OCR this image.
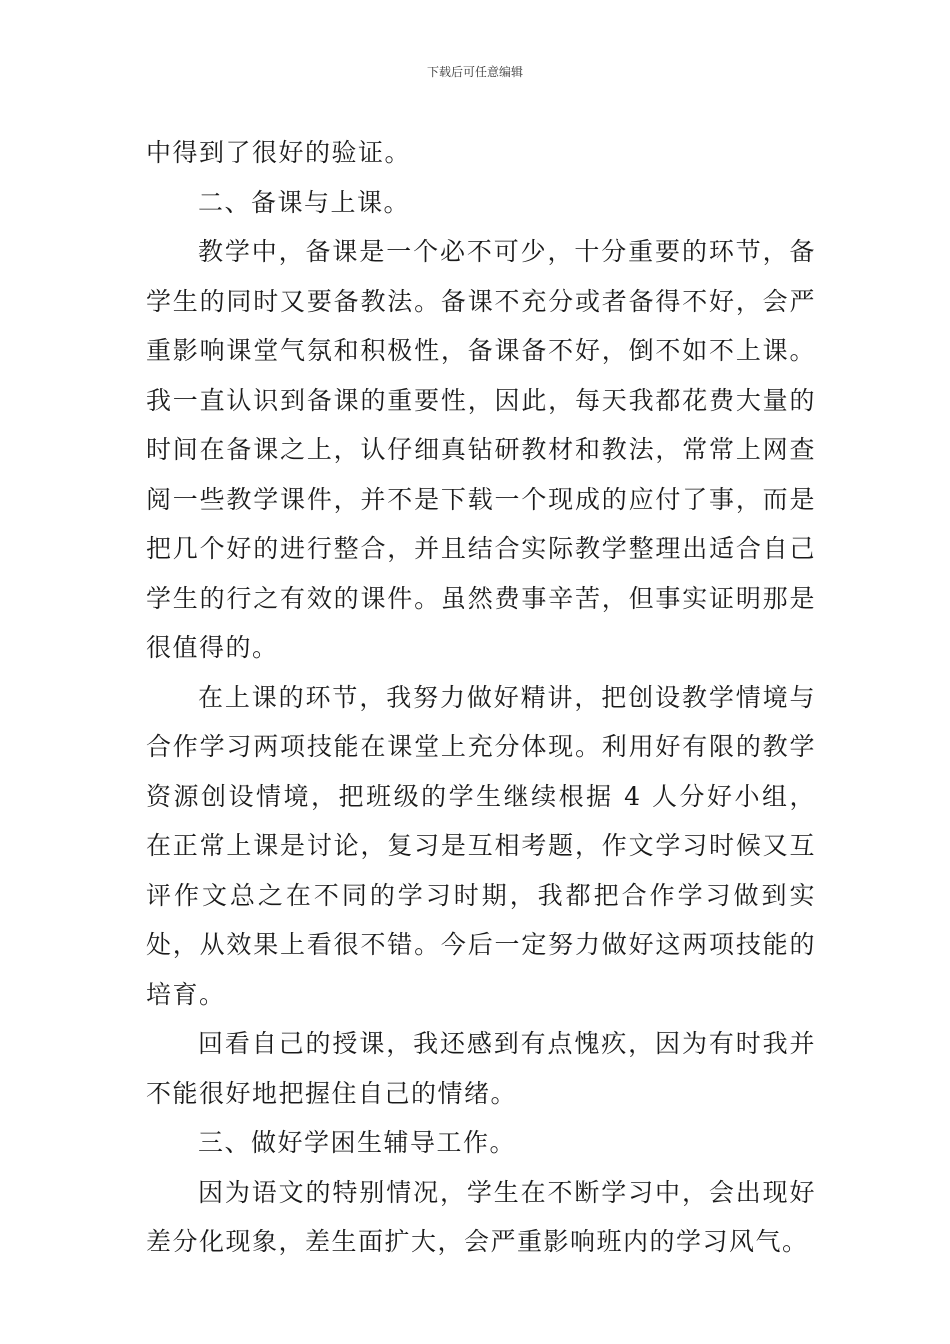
下载后可任意编辑

中得到了很好的验证。

二、备课与上课。

教学中，备课是一个必不可少，十分重要的环节，备学生的同时又要备教法。备课不充分或者备得不好，会严重影响课堂气氛和积极性，备课备不好，倒不如不上课。我一直认识到备课的重要性，因此，每天我都花费大量的时间在备课之上，认仔细真钻研教材和教法，常常上网查阅一些教学课件，并不是下载一个现成的应付了事，而是把几个好的进行整合，并且结合实际教学整理出适合自己学生的行之有效的课件。虽然费事辛苦，但事实证明那是很值得的。

在上课的环节，我努力做好精讲，把创设教学情境与合作学习两项技能在课堂上充分体现。利用好有限的教学资源创设情境，把班级的学生继续根据 4 人分好小组，在正常上课是讨论，复习是互相考题，作文学习时候又互评作文总之在不同的学习时期，我都把合作学习做到实处，从效果上看很不错。今后一定努力做好这两项技能的培育。

回看自己的授课，我还感到有点愧疚，因为有时我并不能很好地把握住自己的情绪。

三、做好学困生辅导工作。

因为语文的特别情况，学生在不断学习中，会出现好差分化现象，差生面扩大，会严重影响班内的学习风气。
